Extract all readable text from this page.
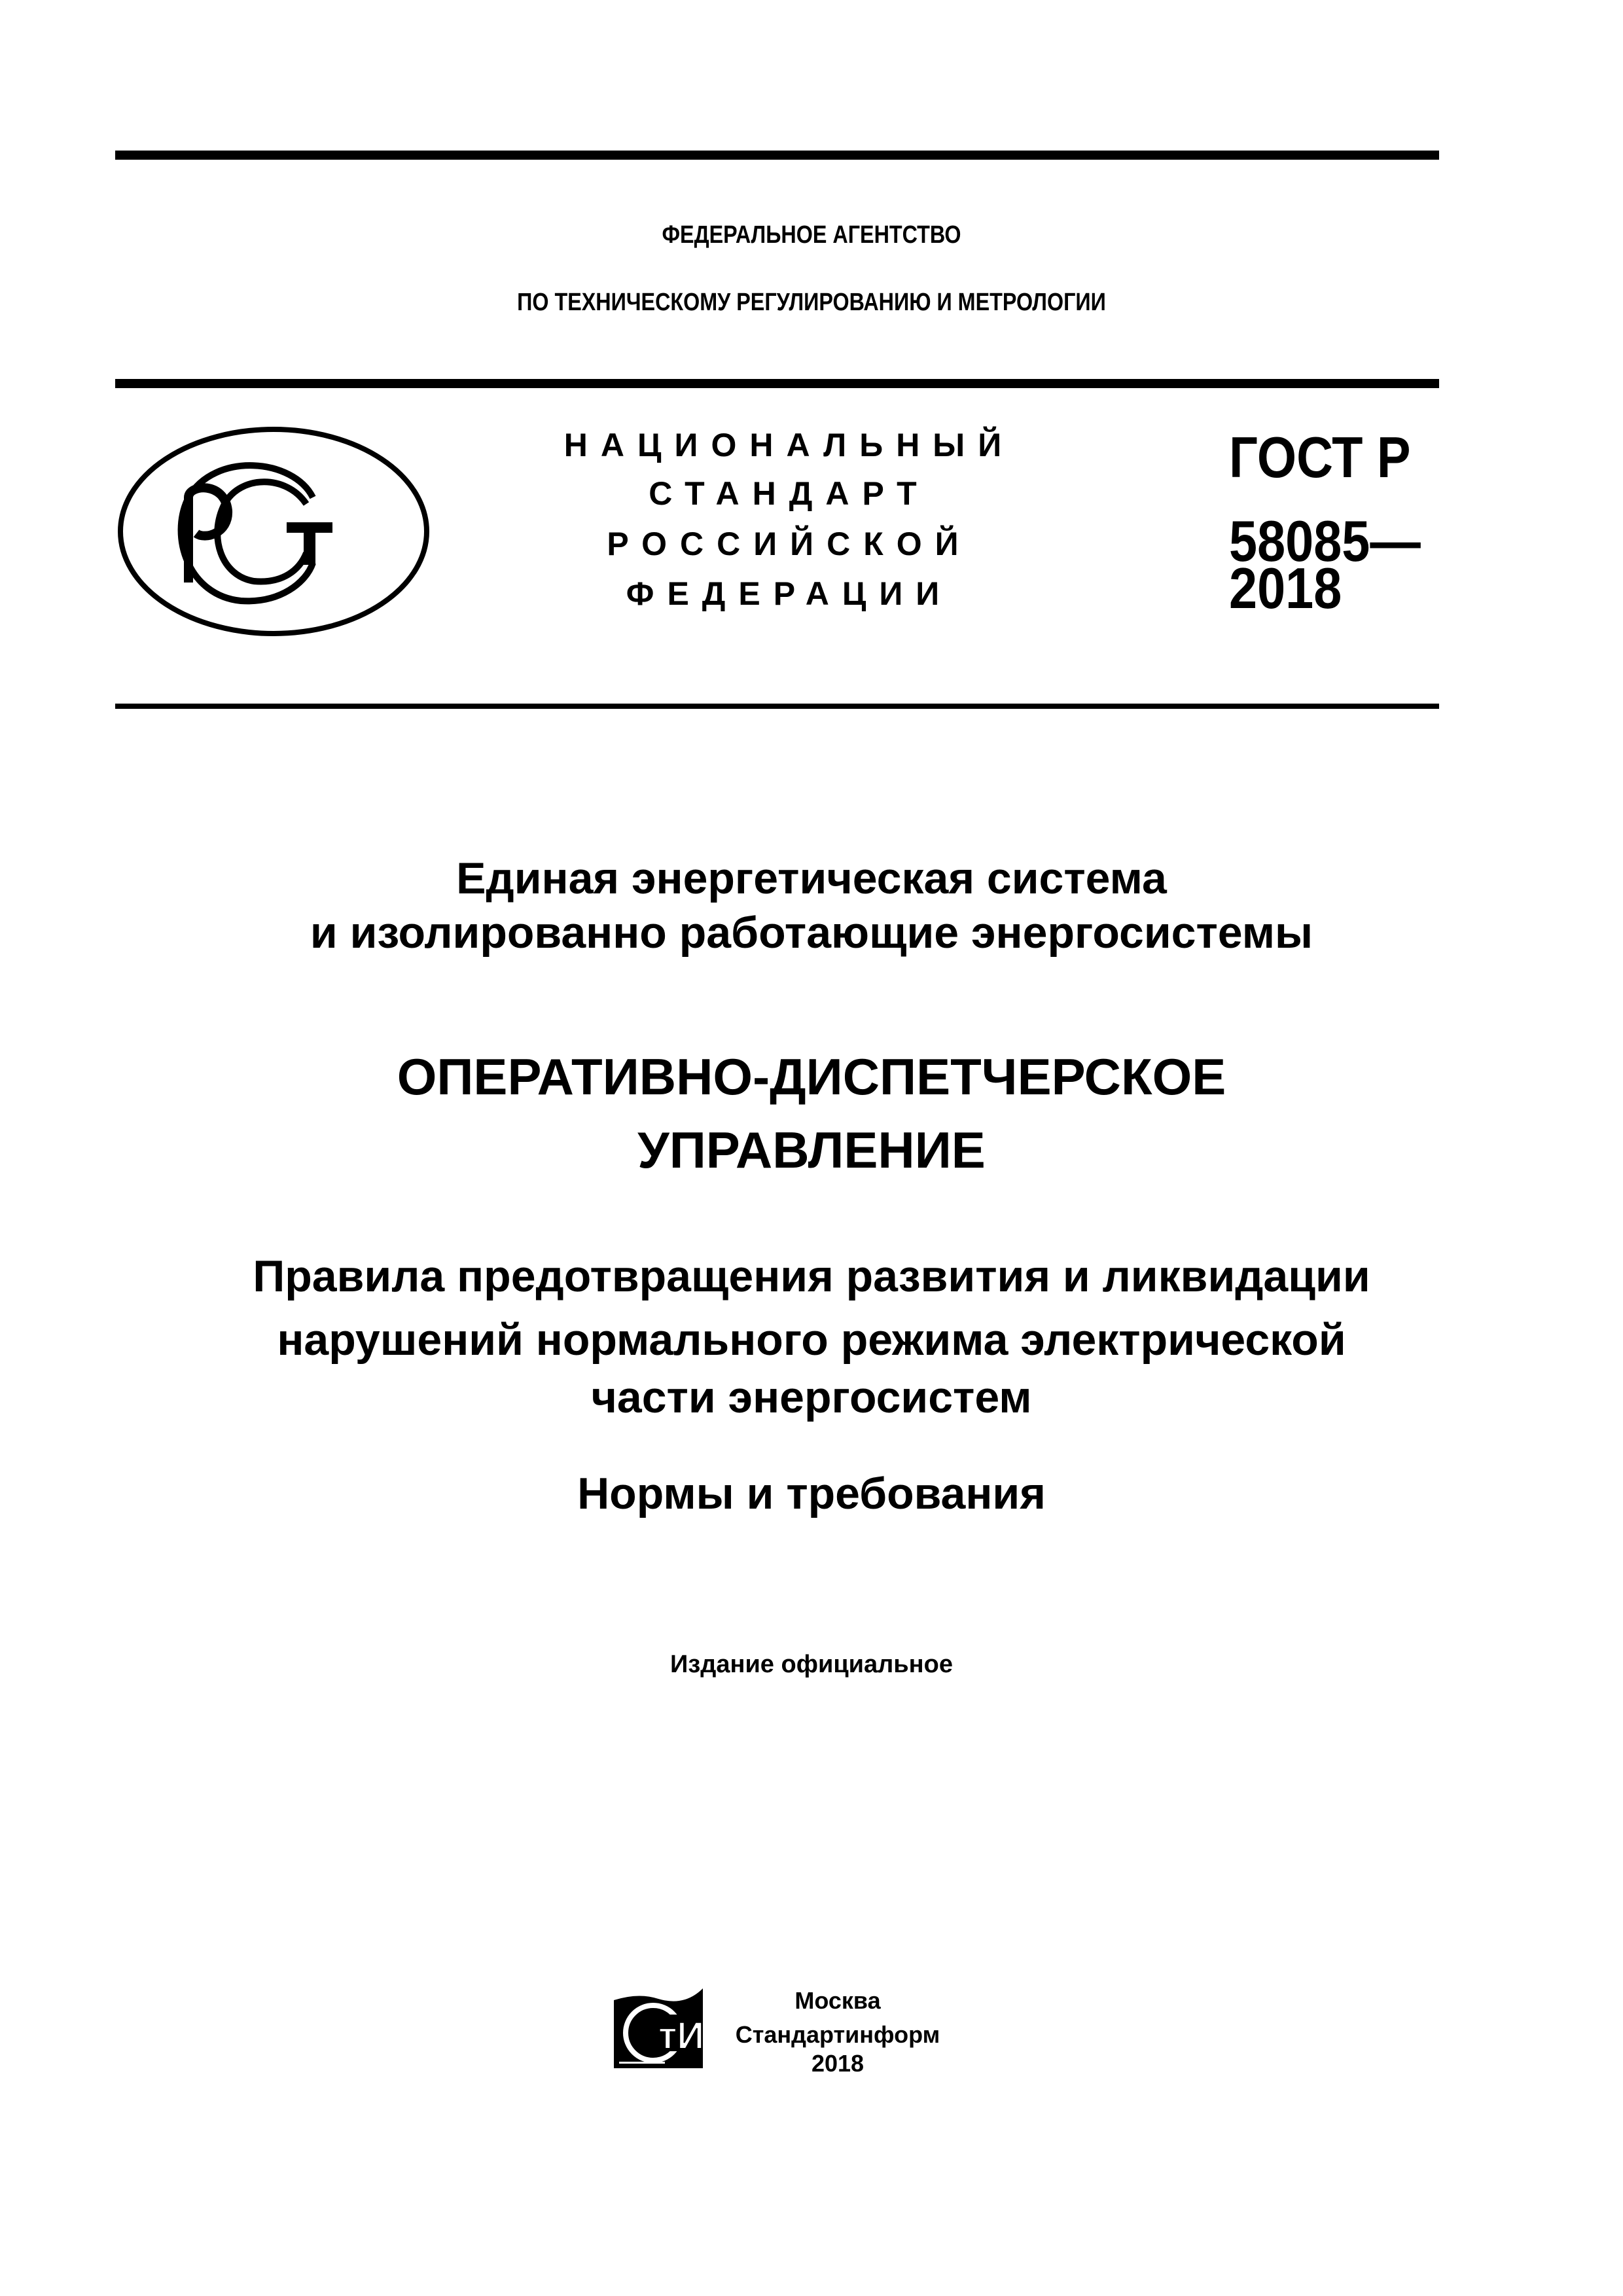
ФЕДЕРАЛЬНОЕ АГЕНТСТВО
ПО ТЕХНИЧЕСКОМУ РЕГУЛИРОВАНИЮ И МЕТРОЛОГИИ
НАЦИОНАЛЬНЫЙ
СТАНДАРТ
РОССИЙСКОЙ
ФЕДЕРАЦИИ
ГОСТ Р
58085—
2018
Единая энергетическая система
и изолированно работающие энергосистемы
ОПЕРАТИВНО-ДИСПЕТЧЕРСКОЕ
УПРАВЛЕНИЕ
Правила предотвращения развития и ликвидации
нарушений нормального режима электрической
части энергосистем
Нормы и требования
Издание официальное
тИ
Москва
Стандартинформ
2018
